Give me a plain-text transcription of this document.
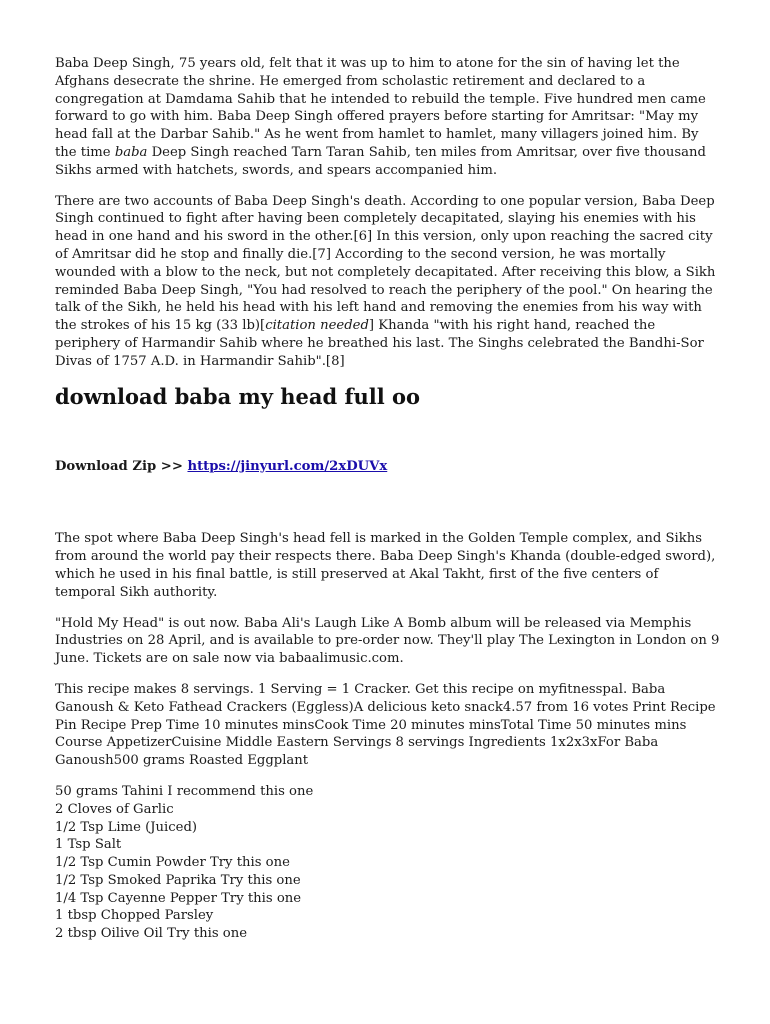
Baba Deep Singh, 75 years old, felt that it was up to him to atone for the sin of having let the Afghans desecrate the shrine. He emerged from scholastic retirement and declared to a congregation at Damdama Sahib that he intended to rebuild the temple. Five hundred men came forward to go with him. Baba Deep Singh offered prayers before starting for Amritsar: "May my head fall at the Darbar Sahib." As he went from hamlet to hamlet, many villagers joined him. By the time baba Deep Singh reached Tarn Taran Sahib, ten miles from Amritsar, over five thousand Sikhs armed with hatchets, swords, and spears accompanied him.

There are two accounts of Baba Deep Singh's death. According to one popular version, Baba Deep Singh continued to fight after having been completely decapitated, slaying his enemies with his head in one hand and his sword in the other.[6] In this version, only upon reaching the sacred city of Amritsar did he stop and finally die.[7] According to the second version, he was mortally wounded with a blow to the neck, but not completely decapitated. After receiving this blow, a Sikh reminded Baba Deep Singh, "You had resolved to reach the periphery of the pool." On hearing the talk of the Sikh, he held his head with his left hand and removing the enemies from his way with the strokes of his 15 kg (33 lb)[citation needed] Khanda "with his right hand, reached the periphery of Harmandir Sahib where he breathed his last. The Singhs celebrated the Bandhi-Sor Divas of 1757 A.D. in Harmandir Sahib".[8]

download baba my head full oo
Download Zip >> https://jinyurl.com/2xDUVx

The spot where Baba Deep Singh's head fell is marked in the Golden Temple complex, and Sikhs from around the world pay their respects there. Baba Deep Singh's Khanda (double-edged sword), which he used in his final battle, is still preserved at Akal Takht, first of the five centers of temporal Sikh authority.

"Hold My Head" is out now. Baba Ali's Laugh Like A Bomb album will be released via Memphis Industries on 28 April, and is available to pre-order now. They'll play The Lexington in London on 9 June. Tickets are on sale now via babaalimusic.com.

This recipe makes 8 servings. 1 Serving = 1 Cracker. Get this recipe on myfitnesspal. Baba Ganoush & Keto Fathead Crackers (Eggless)A delicious keto snack4.57 from 16 votes Print Recipe Pin Recipe Prep Time 10 minutes minsCook Time 20 minutes minsTotal Time 50 minutes mins Course AppetizerCuisine Middle Eastern Servings 8 servings Ingredients 1x2x3xFor Baba Ganoush500 grams Roasted Eggplant

50 grams Tahini I recommend this one
2 Cloves of Garlic
1/2 Tsp Lime (Juiced)
1 Tsp Salt
1/2 Tsp Cumin Powder Try this one
1/2 Tsp Smoked Paprika Try this one
1/4 Tsp Cayenne Pepper Try this one
1 tbsp Chopped Parsley
2 tbsp Oilive Oil Try this one
